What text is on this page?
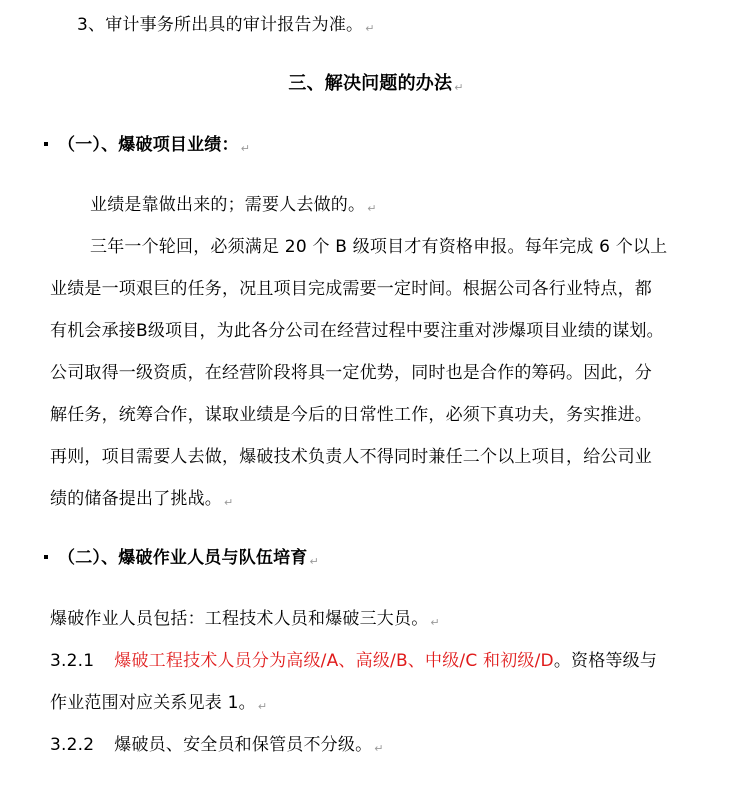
3、审计事务所出具的审计报告为准。 ↵
三、解决问题的办法 ↵
（一）、爆破项目业绩： ↵
业绩是靠做出来的；需要人去做的。 ↵
三年一个轮回，必须满足 20 个 B 级项目才有资格申报。每年完成 6 个以上
业绩是一项艰巨的任务，况且项目完成需要一定时间。根据公司各行业特点，都
有机会承接B级项目，为此各分公司在经营过程中要注重对涉爆项目业绩的谋划。
公司取得一级资质，在经营阶段将具一定优势，同时也是合作的筹码。因此，分
解任务，统筹合作，谋取业绩是今后的日常性工作，必须下真功夫，务实推进。
再则，项目需要人去做，爆破技术负责人不得同时兼任二个以上项目，给公司业
绩的储备提出了挑战。 ↵
（二）、爆破作业人员与队伍培育 ↵
爆破作业人员包括：工程技术人员和爆破三大员。 ↵
3.2.1 爆破工程技术人员分为高级/A、高级/B、中级/C 和初级/D。资格等级与
作业范围对应关系见表 1。 ↵
3.2.2 爆破员、安全员和保管员不分级。 ↵
